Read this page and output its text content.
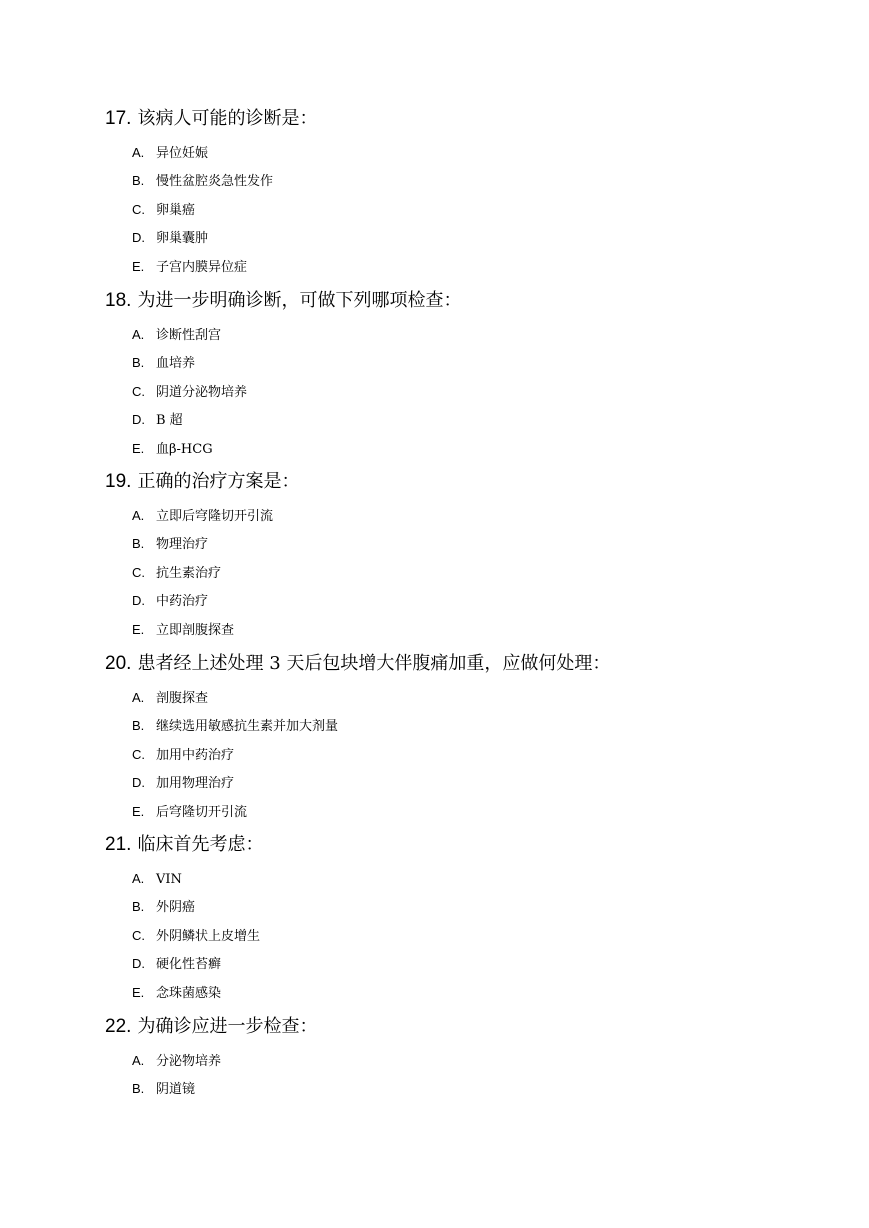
17. 该病人可能的诊断是：
A. 异位妊娠
B. 慢性盆腔炎急性发作
C. 卵巢癌
D. 卵巢囊肿
E. 子宫内膜异位症
18. 为进一步明确诊断，可做下列哪项检查：
A. 诊断性刮宫
B. 血培养
C. 阴道分泌物培养
D. B 超
E. 血β-HCG
19. 正确的治疗方案是：
A. 立即后穹隆切开引流
B. 物理治疗
C. 抗生素治疗
D. 中药治疗
E. 立即剖腹探查
20. 患者经上述处理 3 天后包块增大伴腹痛加重，应做何处理：
A. 剖腹探查
B. 继续选用敏感抗生素并加大剂量
C. 加用中药治疗
D. 加用物理治疗
E. 后穹隆切开引流
21. 临床首先考虑：
A. VIN
B. 外阴癌
C. 外阴鳞状上皮增生
D. 硬化性苔癣
E. 念珠菌感染
22. 为确诊应进一步检查：
A. 分泌物培养
B. 阴道镜
